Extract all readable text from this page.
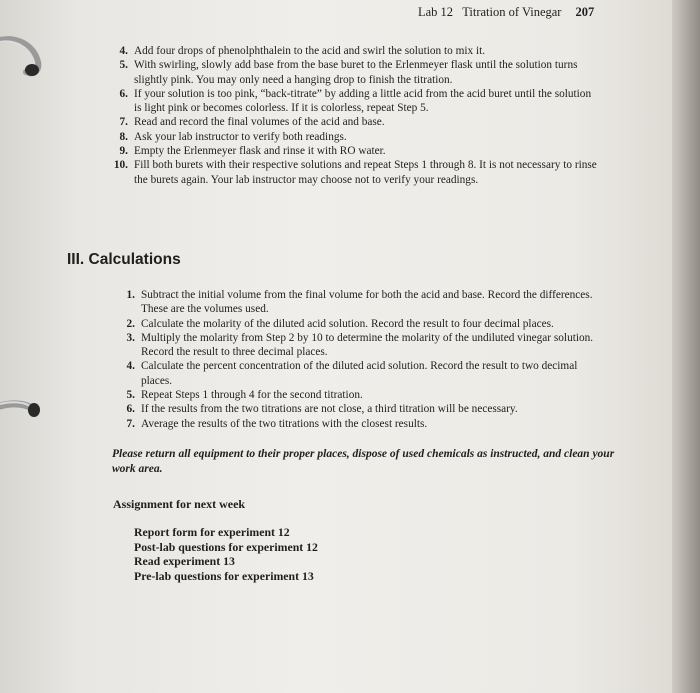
Lab 12   Titration of Vinegar 207
4. Add four drops of phenolphthalein to the acid and swirl the solution to mix it.
5. With swirling, slowly add base from the base buret to the Erlenmeyer flask until the solution turns slightly pink. You may only need a hanging drop to finish the titration.
6. If your solution is too pink, “back-titrate” by adding a little acid from the acid buret until the solution is light pink or becomes colorless. If it is colorless, repeat Step 5.
7. Read and record the final volumes of the acid and base.
8. Ask your lab instructor to verify both readings.
9. Empty the Erlenmeyer flask and rinse it with RO water.
10. Fill both burets with their respective solutions and repeat Steps 1 through 8. It is not necessary to rinse the burets again. Your lab instructor may choose not to verify your readings.
III. Calculations
1. Subtract the initial volume from the final volume for both the acid and base. Record the differences. These are the volumes used.
2. Calculate the molarity of the diluted acid solution. Record the result to four decimal places.
3. Multiply the molarity from Step 2 by 10 to determine the molarity of the undiluted vinegar solution. Record the result to three decimal places.
4. Calculate the percent concentration of the diluted acid solution. Record the result to two decimal places.
5. Repeat Steps 1 through 4 for the second titration.
6. If the results from the two titrations are not close, a third titration will be necessary.
7. Average the results of the two titrations with the closest results.
Please return all equipment to their proper places, dispose of used chemicals as instructed, and clean your work area.
Assignment for next week
Report form for experiment 12
Post-lab questions for experiment 12
Read experiment 13
Pre-lab questions for experiment 13
